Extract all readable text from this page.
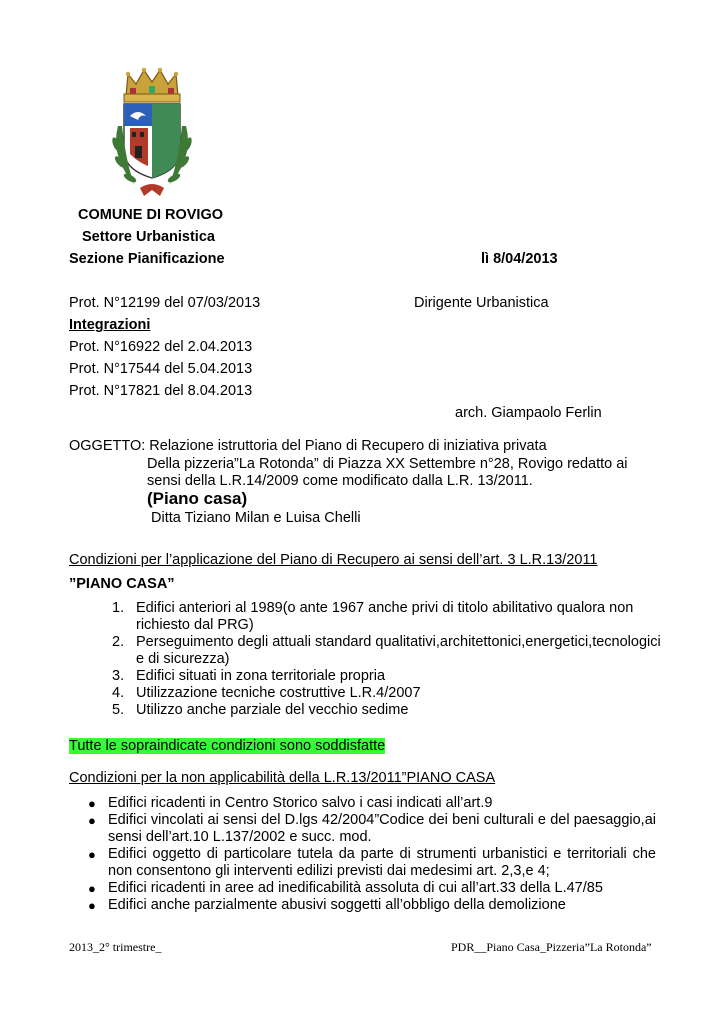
COMUNE DI ROVIGO
Settore Urbanistica
Sezione Pianificazione	lì 8/04/2013
Prot. N°12199 del 07/03/2013	Dirigente Urbanistica
Integrazioni
Prot. N°16922 del 2.04.2013
Prot. N°17544 del 5.04.2013
Prot. N°17821 del 8.04.2013
arch. Giampaolo Ferlin
OGGETTO: Relazione istruttoria del Piano di Recupero di iniziativa privata
Della pizzeria”La Rotonda” di Piazza XX Settembre n°28, Rovigo redatto ai
sensi della L.R.14/2009 come modificato dalla L.R. 13/2011.
(Piano casa)
Ditta Tiziano Milan e Luisa Chelli
Condizioni per l’applicazione del Piano di Recupero ai sensi dell’art. 3 L.R.13/2011
”PIANO CASA”
1. Edifici anteriori al 1989(o ante 1967 anche privi di titolo abilitativo qualora non richiesto dal PRG)
2. Perseguimento degli attuali standard qualitativi,architettonici,energetici,tecnologici e di sicurezza)
3. Edifici situati in zona territoriale propria
4. Utilizzazione tecniche costruttive L.R.4/2007
5. Utilizzo anche parziale del vecchio sedime
Tutte le sopraindicate condizioni sono soddisfatte
Condizioni per la non applicabilità della L.R.13/2011”PIANO CASA
● Edifici ricadenti in Centro Storico salvo i casi indicati all’art.9
● Edifici vincolati ai sensi del D.lgs 42/2004”Codice dei beni culturali e del paesaggio,ai sensi dell’art.10 L.137/2002 e succ. mod.
● Edifici oggetto di particolare tutela da parte di strumenti urbanistici e territoriali che non consentono gli interventi edilizi previsti dai medesimi art. 2,3,e 4;
● Edifici ricadenti in aree ad inedificabilità assoluta di cui all’art.33 della L.47/85
● Edifici anche parzialmente abusivi soggetti all’obbligo della demolizione
2013_2° trimestre_	PDR__Piano Casa_Pizzeria”La Rotonda”
